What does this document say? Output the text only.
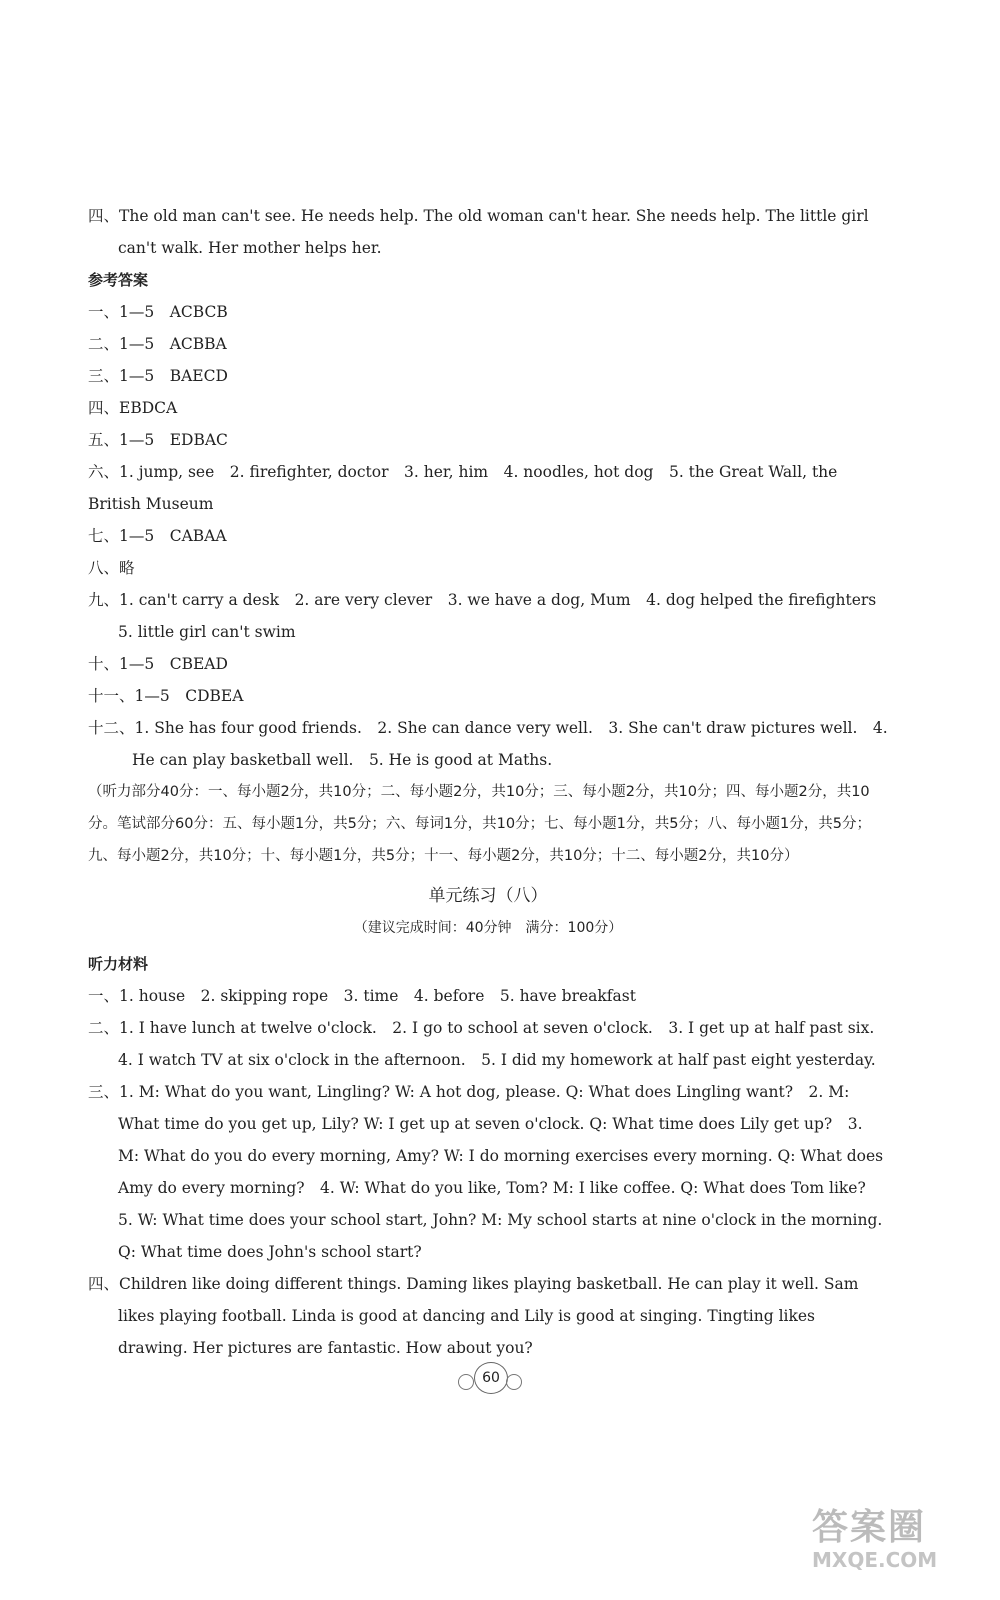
四、The old man can't see. He needs help. The old woman can't hear. She needs help. The little girl can't walk. Her mother helps her.

参考答案

一、1—5　ACBCB

二、1—5　ACBBA

三、1—5　BAECD

四、EBDCA

五、1—5　EDBAC

六、1. jump, see　2. firefighter, doctor　3. her, him　4. noodles, hot dog　5. the Great Wall, the British Museum

七、1—5　CABAA

八、略

九、1. can't carry a desk　2. are very clever　3. we have a dog, Mum　4. dog helped the firefighters　5. little girl can't swim

十、1—5　CBEAD

十一、1—5　CDBEA

十二、1. She has four good friends.　2. She can dance very well.　3. She can't draw pictures well.　4. He can play basketball well.　5. He is good at Maths.

（听力部分40分：一、每小题2分，共10分；二、每小题2分，共10分；三、每小题2分，共10分；四、每小题2分，共10分。笔试部分60分：五、每小题1分，共5分；六、每词1分，共10分；七、每小题1分，共5分；八、每小题1分，共5分；九、每小题2分，共10分；十、每小题1分，共5分；十一、每小题2分，共10分；十二、每小题2分，共10分）

单元练习（八）

（建议完成时间：40分钟　满分：100分）

听力材料

一、1. house　2. skipping rope　3. time　4. before　5. have breakfast

二、1. I have lunch at twelve o'clock.　2. I go to school at seven o'clock.　3. I get up at half past six.　4. I watch TV at six o'clock in the afternoon.　5. I did my homework at half past eight yesterday.

三、1. M: What do you want, Lingling? W: A hot dog, please. Q: What does Lingling want?　2. M: What time do you get up, Lily? W: I get up at seven o'clock. Q: What time does Lily get up?　3. M: What do you do every morning, Amy? W: I do morning exercises every morning. Q: What does Amy do every morning?　4. W: What do you like, Tom? M: I like coffee. Q: What does Tom like?　5. W: What time does your school start, John? M: My school starts at nine o'clock in the morning. Q: What time does John's school start?

四、Children like doing different things. Daming likes playing basketball. He can play it well. Sam likes playing football. Linda is good at dancing and Lily is good at singing. Tingting likes drawing. Her pictures are fantastic. How about you?

60
答案圈
MXQE.COM
